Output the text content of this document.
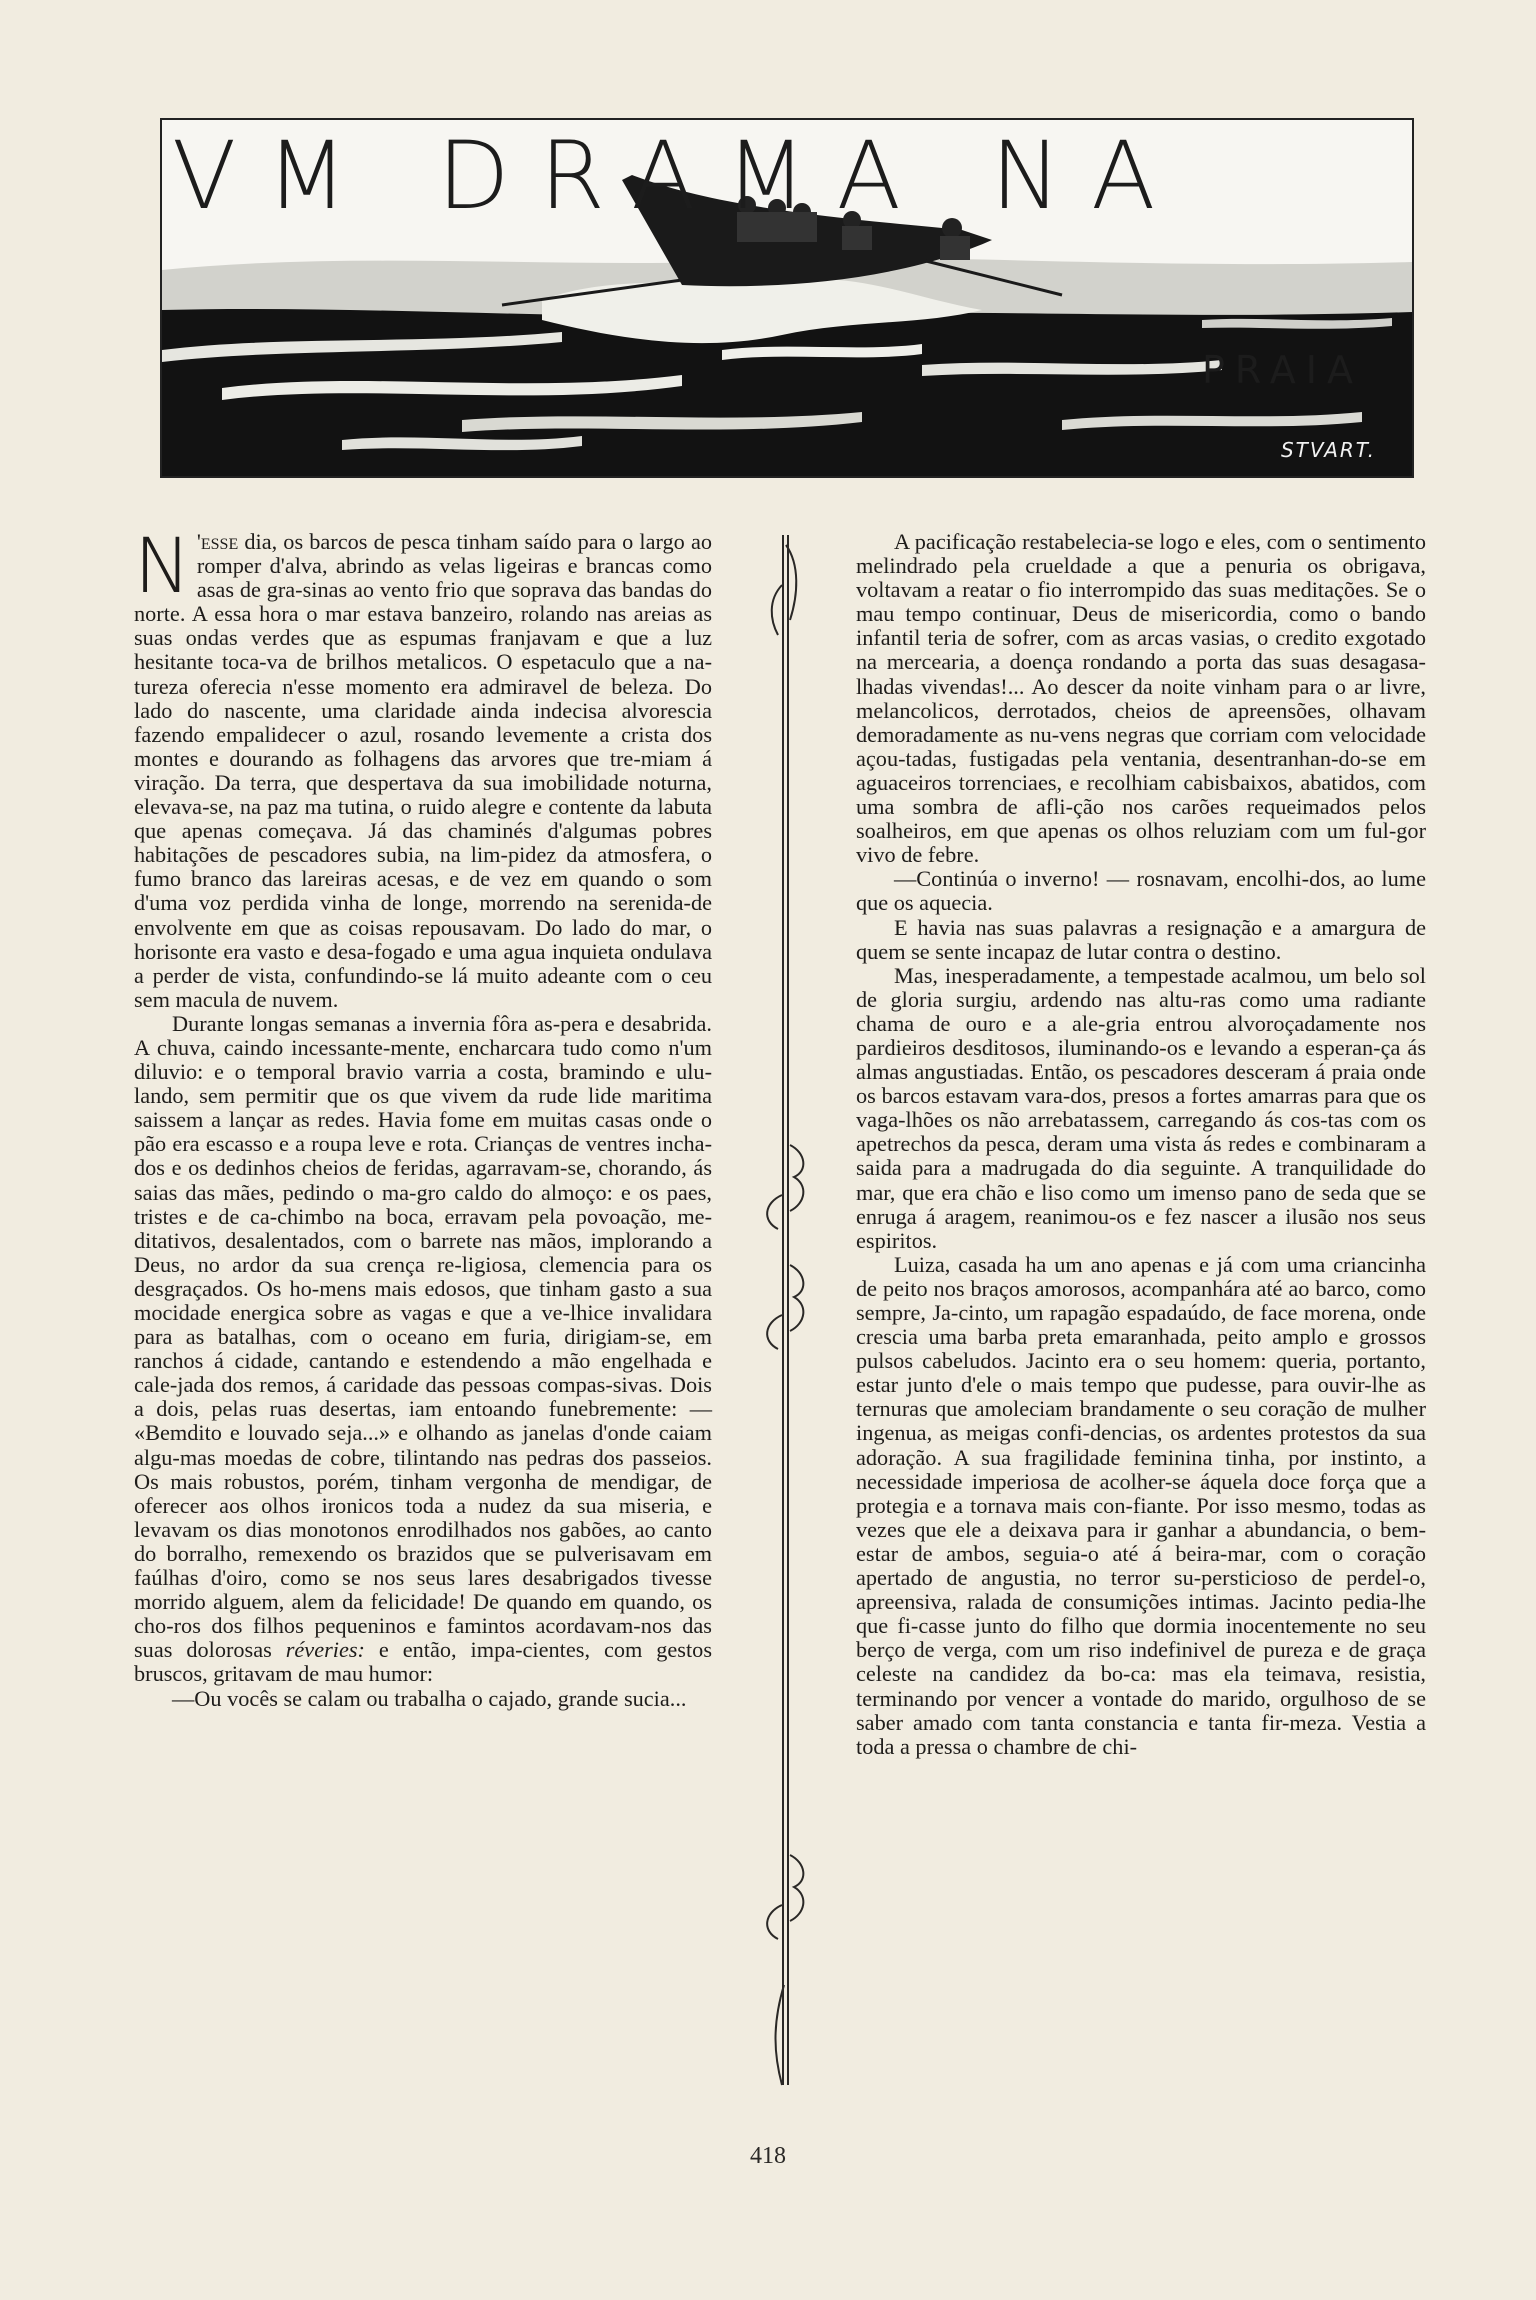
VM DRAMA NA
PRAIA
STVART.

N 'esse dia, os barcos de pesca tinham saído para o largo ao romper d'alva, abrindo as velas ligeiras e brancas como asas de gra-sinas ao vento frio que soprava das bandas do norte. A essa hora o mar estava banzeiro, rolando nas areias as suas ondas verdes que as espumas franjavam e que a luz hesitante toca-va de brilhos metalicos. O espetaculo que a na-tureza oferecia n'esse momento era admiravel de beleza. Do lado do nascente, uma claridade ainda indecisa alvorescia fazendo empalidecer o azul, rosando levemente a crista dos montes e dourando as folhagens das arvores que tre-miam á viração. Da terra, que despertava da sua imobilidade noturna, elevava-se, na paz ma tutina, o ruido alegre e contente da labuta que apenas começava. Já das chaminés d'algumas pobres habitações de pescadores subia, na lim-pidez da atmosfera, o fumo branco das lareiras acesas, e de vez em quando o som d'uma voz perdida vinha de longe, morrendo na serenida-de envolvente em que as coisas repousavam. Do lado do mar, o horisonte era vasto e desa-fogado e uma agua inquieta ondulava a perder de vista, confundindo-se lá muito adeante com o ceu sem macula de nuvem.

Durante longas semanas a invernia fôra as-pera e desabrida. A chuva, caindo incessante-mente, encharcara tudo como n'um diluvio: e o temporal bravio varria a costa, bramindo e ulu-lando, sem permitir que os que vivem da rude lide maritima saissem a lançar as redes. Havia fome em muitas casas onde o pão era escasso e a roupa leve e rota. Crianças de ventres incha-dos e os dedinhos cheios de feridas, agarravam-se, chorando, ás saias das mães, pedindo o ma-gro caldo do almoço: e os paes, tristes e de ca-chimbo na boca, erravam pela povoação, me-ditativos, desalentados, com o barrete nas mãos, implorando a Deus, no ardor da sua crença re-ligiosa, clemencia para os desgraçados. Os ho-mens mais edosos, que tinham gasto a sua mocidade energica sobre as vagas e que a ve-lhice invalidara para as batalhas, com o oceano em furia, dirigiam-se, em ranchos á cidade, cantando e estendendo a mão engelhada e cale-jada dos remos, á caridade das pessoas compas-sivas. Dois a dois, pelas ruas desertas, iam entoando funebremente: — «Bemdito e louvado seja...» e olhando as janelas d'onde caiam algu-mas moedas de cobre, tilintando nas pedras dos passeios. Os mais robustos, porém, tinham vergonha de mendigar, de oferecer aos olhos ironicos toda a nudez da sua miseria, e levavam os dias monotonos enrodilhados nos gabões, ao canto do borralho, remexendo os brazidos que se pulverisavam em faúlhas d'oiro, como se nos seus lares desabrigados tivesse morrido alguem, alem da felicidade! De quando em quando, os cho-ros dos filhos pequeninos e famintos acordavam-nos das suas dolorosas réveries: e então, impa-cientes, com gestos bruscos, gritavam de mau humor:

—Ou vocês se calam ou trabalha o cajado, grande sucia...

A pacificação restabelecia-se logo e eles, com o sentimento melindrado pela crueldade a que a penuria os obrigava, voltavam a reatar o fio interrompido das suas meditações. Se o mau tempo continuar, Deus de misericordia, como o bando infantil teria de sofrer, com as arcas vasias, o credito exgotado na mercearia, a doença rondando a porta das suas desagasa-lhadas vivendas!... Ao descer da noite vinham para o ar livre, melancolicos, derrotados, cheios de apreensões, olhavam demoradamente as nu-vens negras que corriam com velocidade açou-tadas, fustigadas pela ventania, desentranhan-do-se em aguaceiros torrenciaes, e recolhiam cabisbaixos, abatidos, com uma sombra de afli-ção nos carões requeimados pelos soalheiros, em que apenas os olhos reluziam com um ful-gor vivo de febre.

—Continúa o inverno! — rosnavam, encolhi-dos, ao lume que os aquecia.

E havia nas suas palavras a resignação e a amargura de quem se sente incapaz de lutar contra o destino.

Mas, inesperadamente, a tempestade acalmou, um belo sol de gloria surgiu, ardendo nas altu-ras como uma radiante chama de ouro e a ale-gria entrou alvoroçadamente nos pardieiros desditosos, iluminando-os e levando a esperan-ça ás almas angustiadas. Então, os pescadores desceram á praia onde os barcos estavam vara-dos, presos a fortes amarras para que os vaga-lhões os não arrebatassem, carregando ás cos-tas com os apetrechos da pesca, deram uma vista ás redes e combinaram a saida para a madrugada do dia seguinte. A tranquilidade do mar, que era chão e liso como um imenso pano de seda que se enruga á aragem, reanimou-os e fez nascer a ilusão nos seus espiritos.

Luiza, casada ha um ano apenas e já com uma criancinha de peito nos braços amorosos, acompanhára até ao barco, como sempre, Ja-cinto, um rapagão espadaúdo, de face morena, onde crescia uma barba preta emaranhada, peito amplo e grossos pulsos cabeludos. Jacinto era o seu homem: queria, portanto, estar junto d'ele o mais tempo que pudesse, para ouvir-lhe as ternuras que amoleciam brandamente o seu coração de mulher ingenua, as meigas confi-dencias, os ardentes protestos da sua adoração. A sua fragilidade feminina tinha, por instinto, a necessidade imperiosa de acolher-se áquela doce força que a protegia e a tornava mais con-fiante. Por isso mesmo, todas as vezes que ele a deixava para ir ganhar a abundancia, o bem-estar de ambos, seguia-o até á beira-mar, com o coração apertado de angustia, no terror su-persticioso de perdel-o, apreensiva, ralada de consumições intimas. Jacinto pedia-lhe que fi-casse junto do filho que dormia inocentemente no seu berço de verga, com um riso indefinivel de pureza e de graça celeste na candidez da bo-ca: mas ela teimava, resistia, terminando por vencer a vontade do marido, orgulhoso de se saber amado com tanta constancia e tanta fir-meza. Vestia a toda a pressa o chambre de chi-

418
